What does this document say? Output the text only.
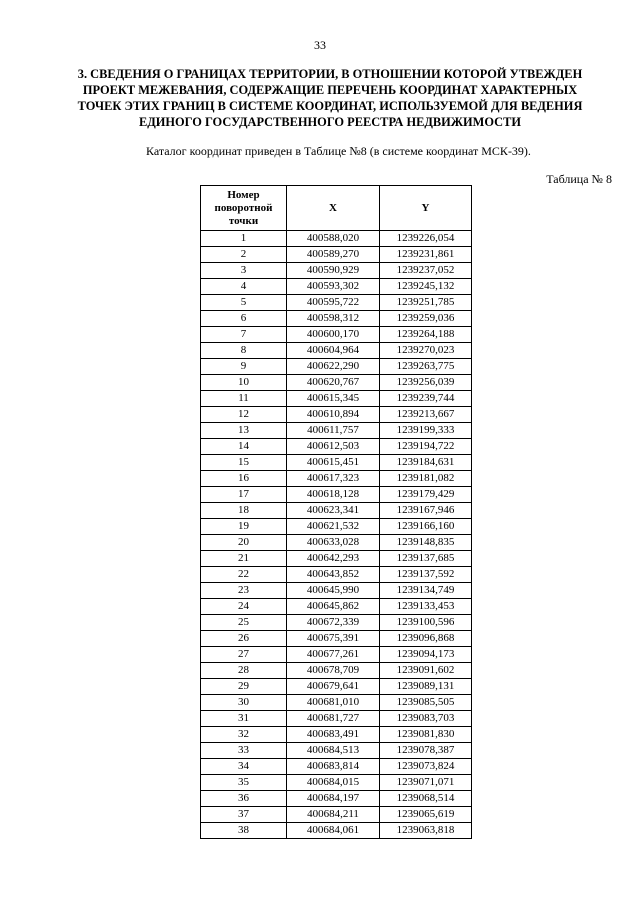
33
3. СВЕДЕНИЯ О ГРАНИЦАХ ТЕРРИТОРИИ, В ОТНОШЕНИИ КОТОРОЙ УТВЕЖДЕН
ПРОЕКТ МЕЖЕВАНИЯ, СОДЕРЖАЩИЕ ПЕРЕЧЕНЬ КООРДИНАТ ХАРАКТЕРНЫХ
ТОЧЕК ЭТИХ ГРАНИЦ В СИСТЕМЕ КООРДИНАТ, ИСПОЛЬЗУЕМОЙ ДЛЯ ВЕДЕНИЯ
ЕДИНОГО ГОСУДАРСТВЕННОГО РЕЕСТРА НЕДВИЖИМОСТИ
Каталог координат приведен в Таблице №8 (в системе координат МСК-39).
Таблица № 8
Номер поворотной точки	X	Y
1	400588,020	1239226,054
2	400589,270	1239231,861
3	400590,929	1239237,052
4	400593,302	1239245,132
5	400595,722	1239251,785
6	400598,312	1239259,036
7	400600,170	1239264,188
8	400604,964	1239270,023
9	400622,290	1239263,775
10	400620,767	1239256,039
11	400615,345	1239239,744
12	400610,894	1239213,667
13	400611,757	1239199,333
14	400612,503	1239194,722
15	400615,451	1239184,631
16	400617,323	1239181,082
17	400618,128	1239179,429
18	400623,341	1239167,946
19	400621,532	1239166,160
20	400633,028	1239148,835
21	400642,293	1239137,685
22	400643,852	1239137,592
23	400645,990	1239134,749
24	400645,862	1239133,453
25	400672,339	1239100,596
26	400675,391	1239096,868
27	400677,261	1239094,173
28	400678,709	1239091,602
29	400679,641	1239089,131
30	400681,010	1239085,505
31	400681,727	1239083,703
32	400683,491	1239081,830
33	400684,513	1239078,387
34	400683,814	1239073,824
35	400684,015	1239071,071
36	400684,197	1239068,514
37	400684,211	1239065,619
38	400684,061	1239063,818
